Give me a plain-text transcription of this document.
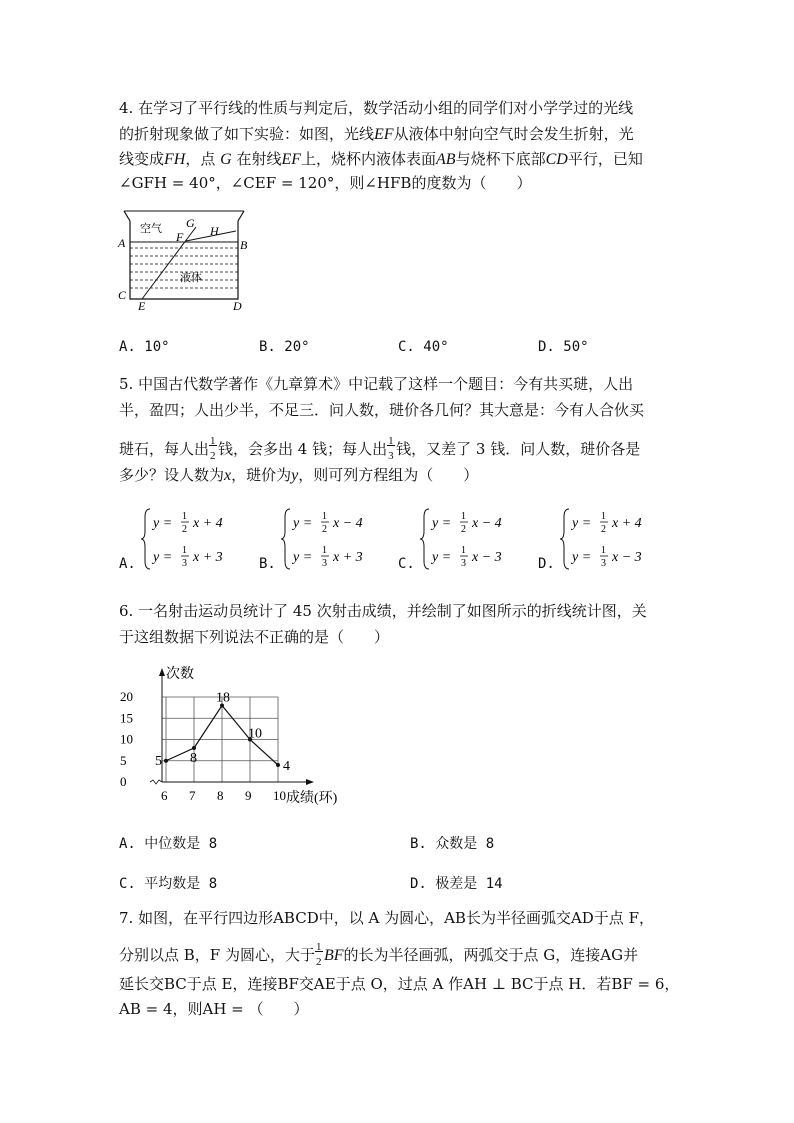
4. 在学习了平行线的性质与判定后，数学活动小组的同学们对小学学过的光线
的折射现象做了如下实验：如图，光线EF从液体中射向空气时会发生折射，光
线变成FH，点 G 在射线EF上，烧杯内液体表面AB与烧杯下底部CD平行，已知
∠GFH = 40°，∠CEF = 120°，则∠HFB的度数为（　　）
空气
液体
A	B
C
D
E
F
G
H
A. 10°	B. 20°	C. 40°	D. 50°
5. 中国古代数学著作《九章算术》中记载了这样一个题目：今有共买琎，人出
半，盈四；人出少半，不足三．问人数，琎价各几何？其大意是：今有人合伙买
琎石，每人出 $\frac{1}{2}$ 钱，会多出 4 钱；每人出 $\frac{1}{3}$ 钱，又差了 3 钱．问人数，琎价各是
多少？设人数为x，琎价为y，则可列方程组为（　　）
A.
y = 1
2 x + 4
y = 1
3 x + 3	B.
y = 1
2 x − 4
y = 1
3 x + 3	C.
y = 1
2 x − 4
y = 1
3 x − 3	D.
y = 1
2 x + 4
y = 1
3 x − 3
6. 一名射击运动员统计了 45 次射击成绩，并绘制了如图所示的折线统计图，关
于这组数据下列说法不正确的是（　　）
0
5
10
15
20
6 7 8 9 10
次数
成绩(环)
5 8
18
10
4
A. 中位数是 8	B. 众数是 8
C. 平均数是 8	D. 极差是 14
7. 如图，在平行四边形ABCD中，以 A 为圆心，AB长为半径画弧交AD于点 F，
分别以点 B，F 为圆心，大于 $\frac{1}{2}$ BF的长为半径画弧，两弧交于点 G，连接AG并
延长交BC于点 E，连接BF交AE于点 O，过点 A 作AH ⊥ BC于点 H．若BF = 6，
AB = 4，则AH = （　　）
